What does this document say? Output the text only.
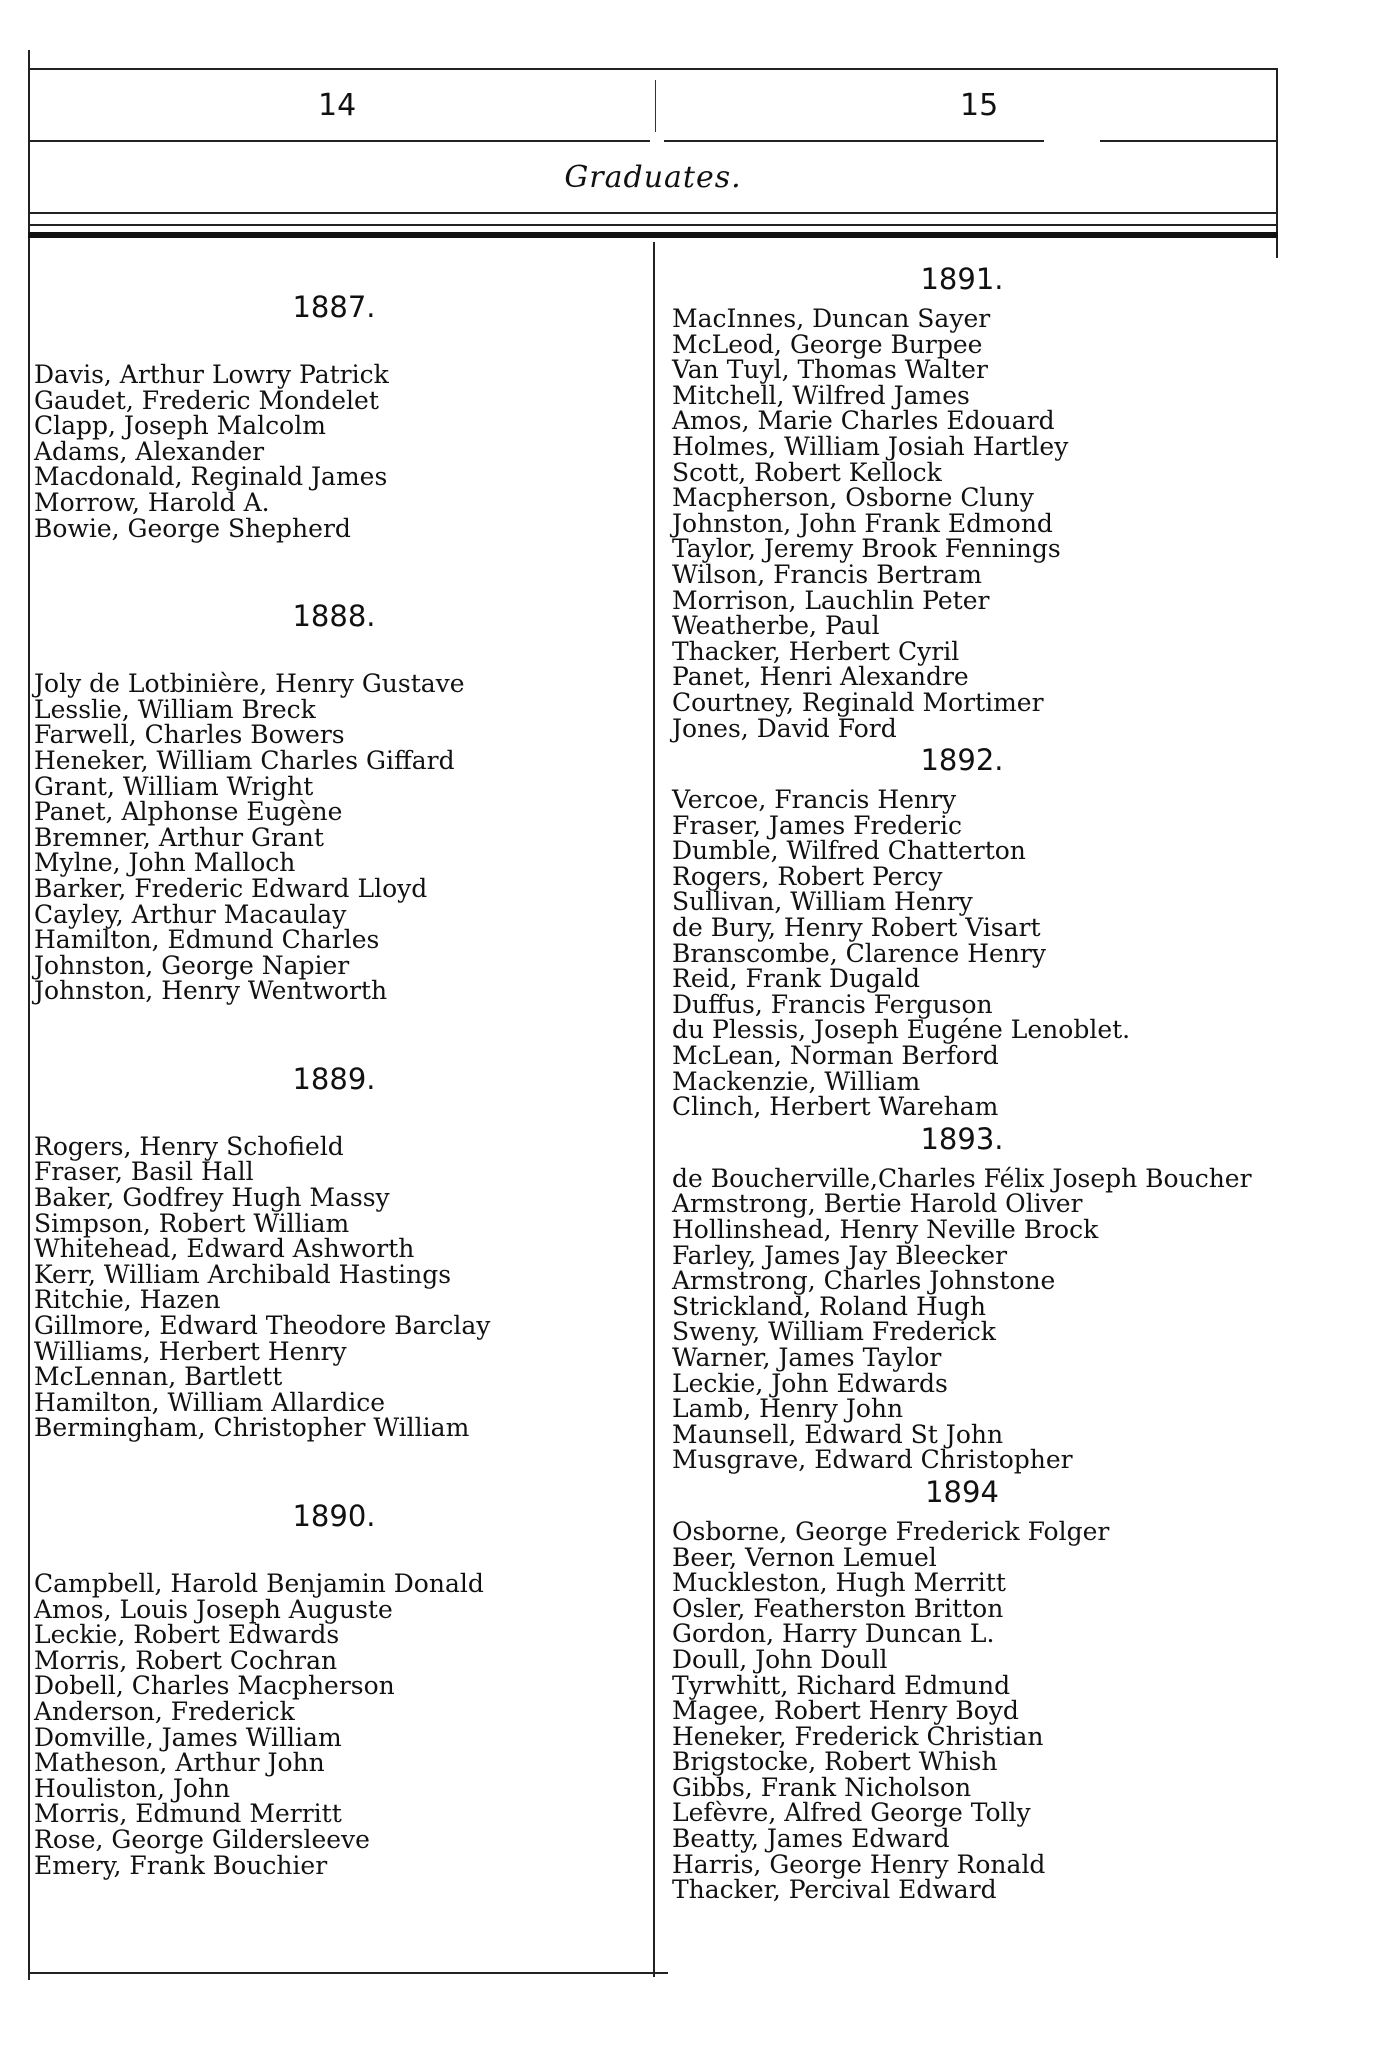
14	15
Graduates.
1887.
Davis, Arthur Lowry Patrick
Gaudet, Frederic Mondelet
Clapp, Joseph Malcolm
Adams, Alexander
Macdonald, Reginald James
Morrow, Harold A.
Bowie, George Shepherd
1888.
Joly de Lotbinière, Henry Gustave
Lesslie, William Breck
Farwell, Charles Bowers
Heneker, William Charles Giffard
Grant, William Wright
Panet, Alphonse Eugène
Bremner, Arthur Grant
Mylne, John Malloch
Barker, Frederic Edward Lloyd
Cayley, Arthur Macaulay
Hamilton, Edmund Charles
Johnston, George Napier
Johnston, Henry Wentworth
1889.
Rogers, Henry Schofield
Fraser, Basil Hall
Baker, Godfrey Hugh Massy
Simpson, Robert William
Whitehead, Edward Ashworth
Kerr, William Archibald Hastings
Ritchie, Hazen
Gillmore, Edward Theodore Barclay
Williams, Herbert Henry
McLennan, Bartlett
Hamilton, William Allardice
Bermingham, Christopher William
1890.
Campbell, Harold Benjamin Donald
Amos, Louis Joseph Auguste
Leckie, Robert Edwards
Morris, Robert Cochran
Dobell, Charles Macpherson
Anderson, Frederick
Domville, James William
Matheson, Arthur John
Houliston, John
Morris, Edmund Merritt
Rose, George Gildersleeve
Emery, Frank Bouchier
1891.
MacInnes, Duncan Sayer
McLeod, George Burpee
Van Tuyl, Thomas Walter
Mitchell, Wilfred James
Amos, Marie Charles Edouard
Holmes, William Josiah Hartley
Scott, Robert Kellock
Macpherson, Osborne Cluny
Johnston, John Frank Edmond
Taylor, Jeremy Brook Fennings
Wilson, Francis Bertram
Morrison, Lauchlin Peter
Weatherbe, Paul
Thacker, Herbert Cyril
Panet, Henri Alexandre
Courtney, Reginald Mortimer
Jones, David Ford
1892.
Vercoe, Francis Henry
Fraser, James Frederic
Dumble, Wilfred Chatterton
Rogers, Robert Percy
Sullivan, William Henry
de Bury, Henry Robert Visart
Branscombe, Clarence Henry
Reid, Frank Dugald
Duffus, Francis Ferguson
du Plessis, Joseph Eugéne Lenoblet.
McLean, Norman Berford
Mackenzie, William
Clinch, Herbert Wareham
1893.
de Boucherville,Charles Félix Joseph Boucher
Armstrong, Bertie Harold Oliver
Hollinshead, Henry Neville Brock
Farley, James Jay Bleecker
Armstrong, Charles Johnstone
Strickland, Roland Hugh
Sweny, William Frederick
Warner, James Taylor
Leckie, John Edwards
Lamb, Henry John
Maunsell, Edward St John
Musgrave, Edward Christopher
1894
Osborne, George Frederick Folger
Beer, Vernon Lemuel
Muckleston, Hugh Merritt
Osler, Featherston Britton
Gordon, Harry Duncan L.
Doull, John Doull
Tyrwhitt, Richard Edmund
Magee, Robert Henry Boyd
Heneker, Frederick Christian
Brigstocke, Robert Whish
Gibbs, Frank Nicholson
Lefèvre, Alfred George Tolly
Beatty, James Edward
Harris, George Henry Ronald
Thacker, Percival Edward
